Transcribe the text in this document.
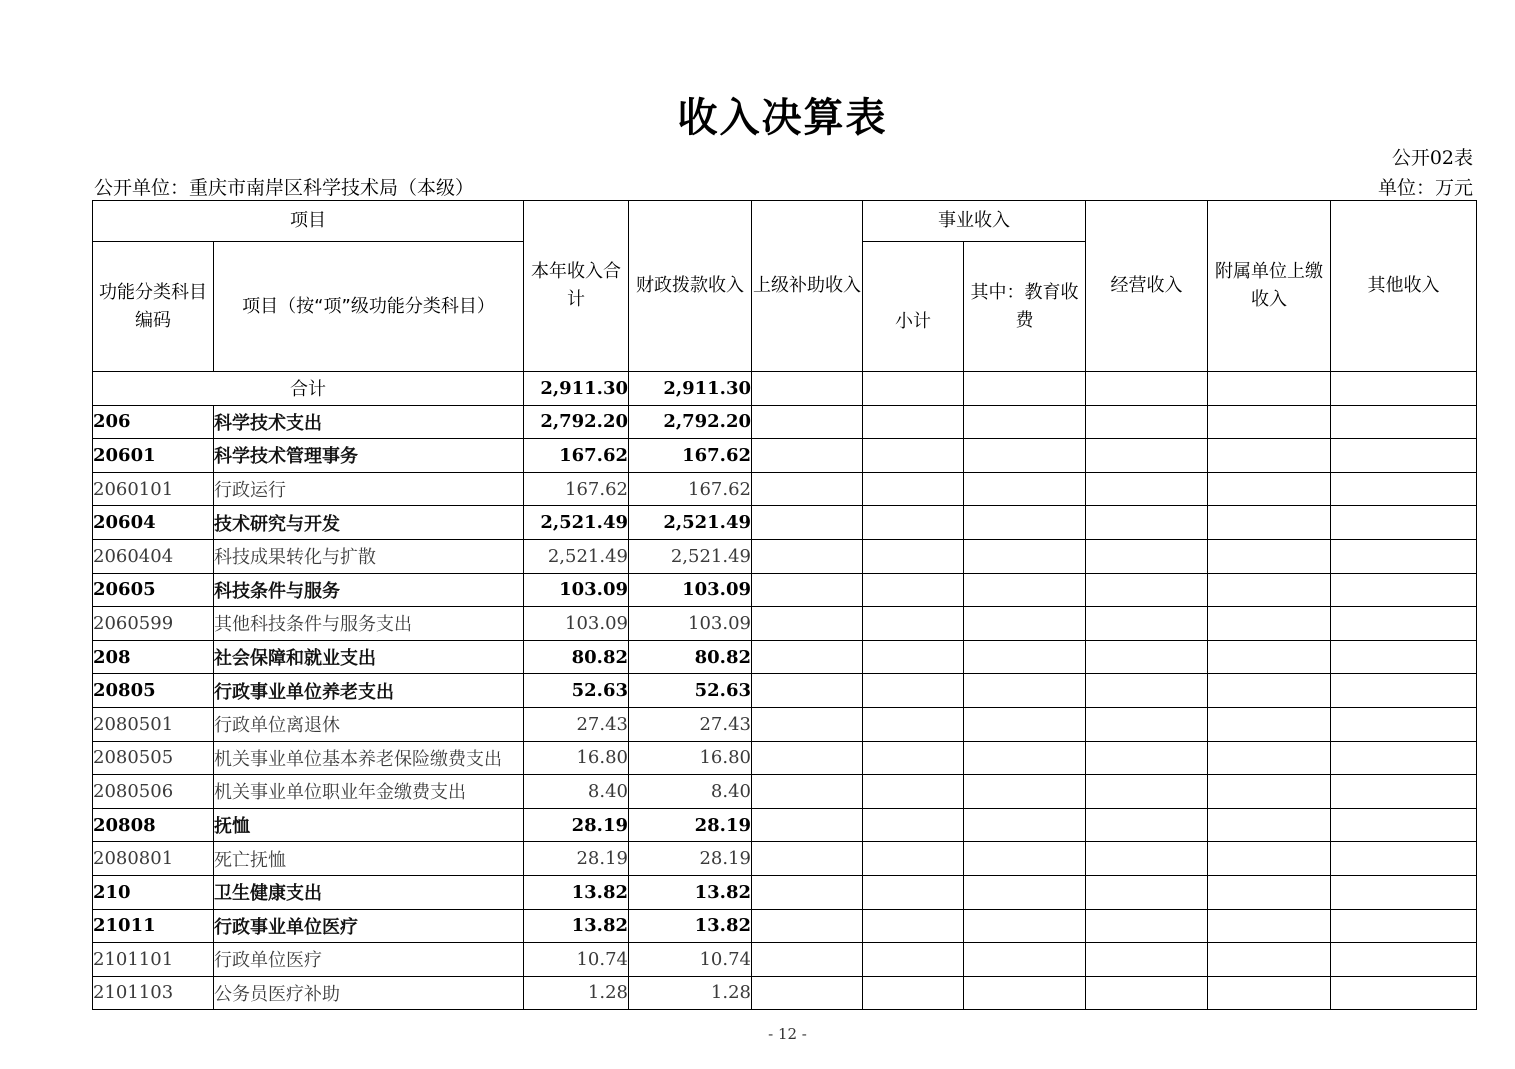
收入决算表
公开02表
公开单位：重庆市南岸区科学技术局（本级）	单位：万元
项目		本年收入合计	财政拨款收入	上级补助收入	事业收入		经营收入	附属单位上缴收入	其他收入
功能分类科目编码	项目（按“项”级功能分类科目）				小计	其中：教育收费			
合计		2,911.30	2,911.30						
206	科学技术支出	2,792.20	2,792.20						
20601	科学技术管理事务	167.62	167.62						
2060101	行政运行	167.62	167.62						
20604	技术研究与开发	2,521.49	2,521.49						
2060404	科技成果转化与扩散	2,521.49	2,521.49						
20605	科技条件与服务	103.09	103.09						
2060599	其他科技条件与服务支出	103.09	103.09						
208	社会保障和就业支出	80.82	80.82						
20805	行政事业单位养老支出	52.63	52.63						
2080501	行政单位离退休	27.43	27.43						
2080505	机关事业单位基本养老保险缴费支出	16.80	16.80						
2080506	机关事业单位职业年金缴费支出	8.40	8.40						
20808	抚恤	28.19	28.19						
2080801	死亡抚恤	28.19	28.19						
210	卫生健康支出	13.82	13.82						
21011	行政事业单位医疗	13.82	13.82						
2101101	行政单位医疗	10.74	10.74						
2101103	公务员医疗补助	1.28	1.28						
- 12 -
